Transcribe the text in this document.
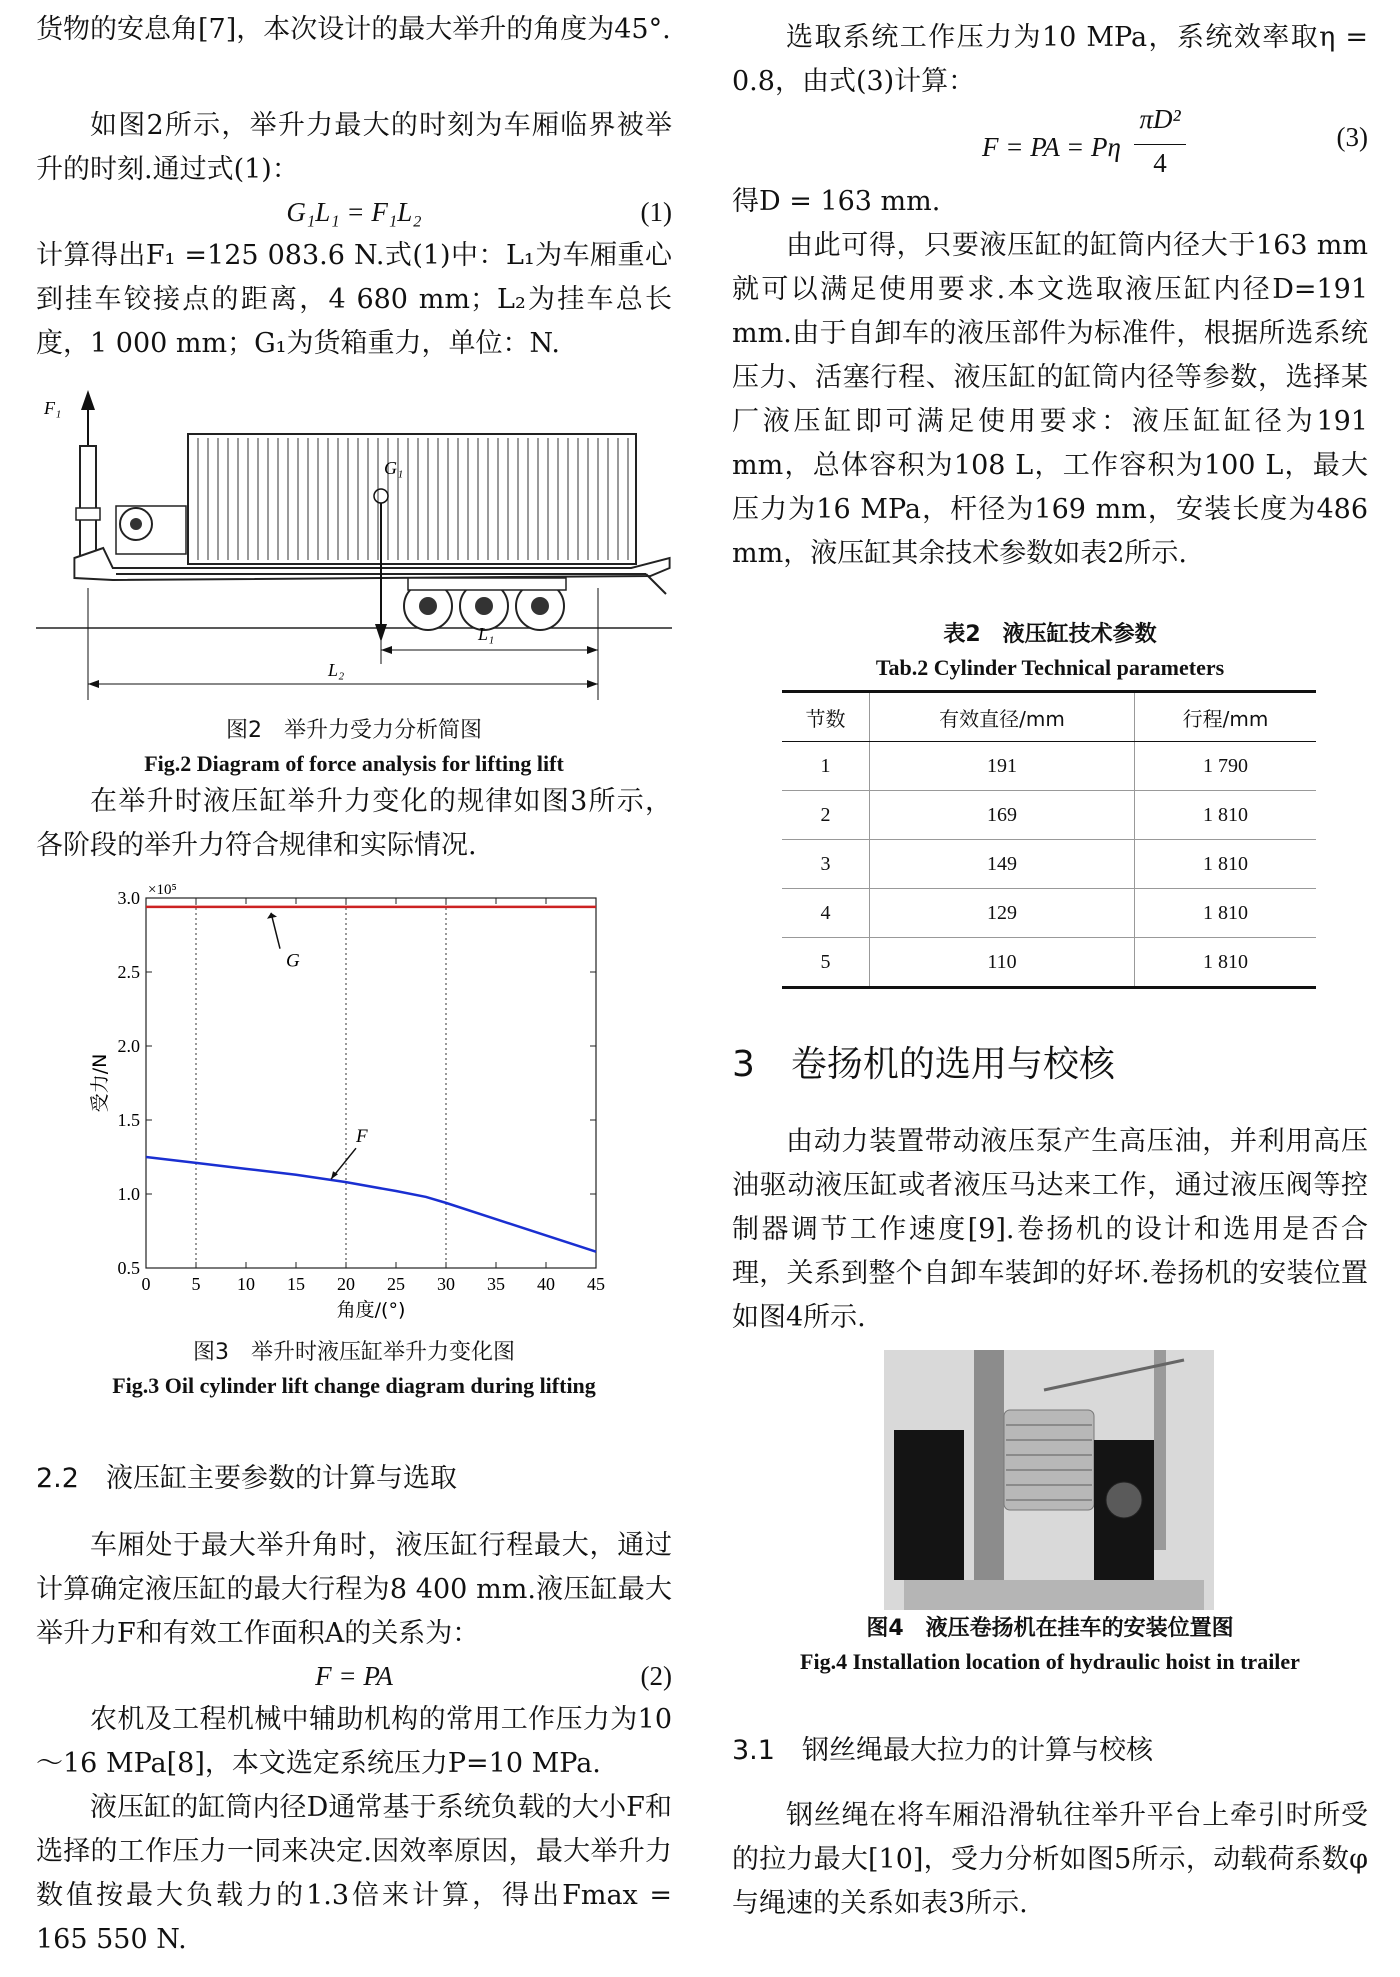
货物的安息角[7]，本次设计的最大举升的角度为45°.

如图2所示，举升力最大的时刻为车厢临界被举升的时刻.通过式(1)：

G₁L₁ = F₁L₂	(1)

计算得出F₁ =125 083.6 N.式(1)中：L₁为车厢重心到挂车铰接点的距离，4 680 mm；L₂为挂车总长度，1 000 mm；G₁为货箱重力，单位：N.

F₁
G₁
L₁
L₂
图2　举升力受力分析简图
Fig.2 Diagram of force analysis for lifting lift

在举升时液压缸举升力变化的规律如图3所示，各阶段的举升力符合规律和实际情况.

0 5 10 15 20 25 30 35 40 45
0.5
1.0
1.5
2.0
2.5
3.0 ×10⁵
角度/(°)
受力/N
G
F
图3　举升时液压缸举升力变化图
Fig.3 Oil cylinder lift change diagram during lifting
2.2　液压缸主要参数的计算与选取

车厢处于最大举升角时，液压缸行程最大，通过计算确定液压缸的最大行程为8 400 mm.液压缸最大举升力F和有效工作面积A的关系为：

F = PA	(2)

农机及工程机械中辅助机构的常用工作压力为10～16 MPa[8]，本文选定系统压力P=10 MPa.

液压缸的缸筒内径D通常基于系统负载的大小F和选择的工作压力一同来决定.因效率原因，最大举升力数值按最大负载力的1.3倍来计算，得出Fmax = 165 550 N.

选取系统工作压力为10 MPa，系统效率取η = 0.8，由式(3)计算：

F = PA = Pη
πD²
4
(3)

得D = 163 mm.

由此可得，只要液压缸的缸筒内径大于163 mm就可以满足使用要求.本文选取液压缸内径D=191 mm.由于自卸车的液压部件为标准件，根据所选系统压力、活塞行程、液压缸的缸筒内径等参数，选择某厂液压缸即可满足使用要求：液压缸缸径为191 mm，总体容积为108 L，工作容积为100 L，最大压力为16 MPa，杆径为169 mm，安装长度为486 mm，液压缸其余技术参数如表2所示.

表2　液压缸技术参数
Tab.2 Cylinder Technical parameters
节数	有效直径/mm	行程/mm
1	191	1 790
2	169	1 810
3	149	1 810
4	129	1 810
5	110	1 810
3　卷扬机的选用与校核

由动力装置带动液压泵产生高压油，并利用高压油驱动液压缸或者液压马达来工作，通过液压阀等控制器调节工作速度[9].卷扬机的设计和选用是否合理，关系到整个自卸车装卸的好坏.卷扬机的安装位置如图4所示.

图4　液压卷扬机在挂车的安装位置图
Fig.4 Installation location of hydraulic hoist in trailer
3.1　钢丝绳最大拉力的计算与校核

钢丝绳在将车厢沿滑轨往举升平台上牵引时所受的拉力最大[10]，受力分析如图5所示，动载荷系数φ与绳速的关系如表3所示.
